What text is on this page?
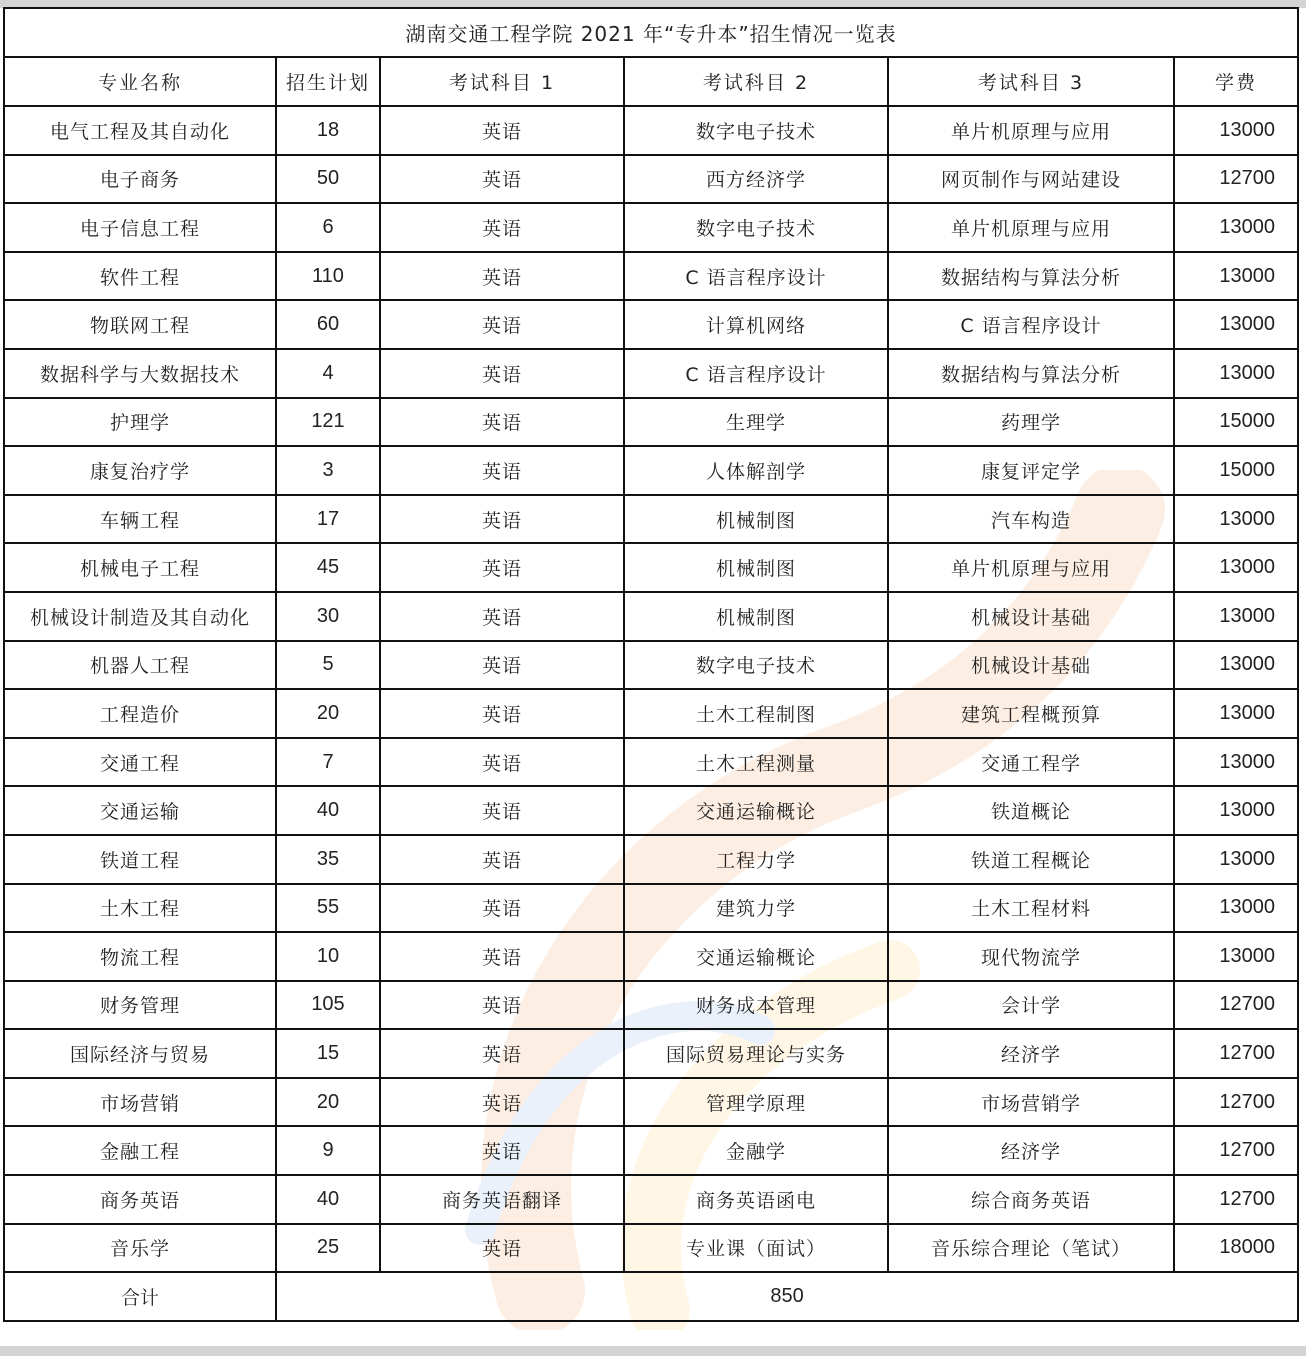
湖南交通工程学院 2021 年“专升本”招生情况一览表					
专业名称	招生计划	考试科目 1	考试科目 2	考试科目 3	学费
电气工程及其自动化	18	英语	数字电子技术	单片机原理与应用	13000
电子商务	50	英语	西方经济学	网页制作与网站建设	12700
电子信息工程	6	英语	数字电子技术	单片机原理与应用	13000
软件工程	110	英语	C 语言程序设计	数据结构与算法分析	13000
物联网工程	60	英语	计算机网络	C 语言程序设计	13000
数据科学与大数据技术	4	英语	C 语言程序设计	数据结构与算法分析	13000
护理学	121	英语	生理学	药理学	15000
康复治疗学	3	英语	人体解剖学	康复评定学	15000
车辆工程	17	英语	机械制图	汽车构造	13000
机械电子工程	45	英语	机械制图	单片机原理与应用	13000
机械设计制造及其自动化	30	英语	机械制图	机械设计基础	13000
机器人工程	5	英语	数字电子技术	机械设计基础	13000
工程造价	20	英语	土木工程制图	建筑工程概预算	13000
交通工程	7	英语	土木工程测量	交通工程学	13000
交通运输	40	英语	交通运输概论	铁道概论	13000
铁道工程	35	英语	工程力学	铁道工程概论	13000
土木工程	55	英语	建筑力学	土木工程材料	13000
物流工程	10	英语	交通运输概论	现代物流学	13000
财务管理	105	英语	财务成本管理	会计学	12700
国际经济与贸易	15	英语	国际贸易理论与实务	经济学	12700
市场营销	20	英语	管理学原理	市场营销学	12700
金融工程	9	英语	金融学	经济学	12700
商务英语	40	商务英语翻译	商务英语函电	综合商务英语	12700
音乐学	25	英语	专业课（面试）	音乐综合理论（笔试）	18000
合计	850				
